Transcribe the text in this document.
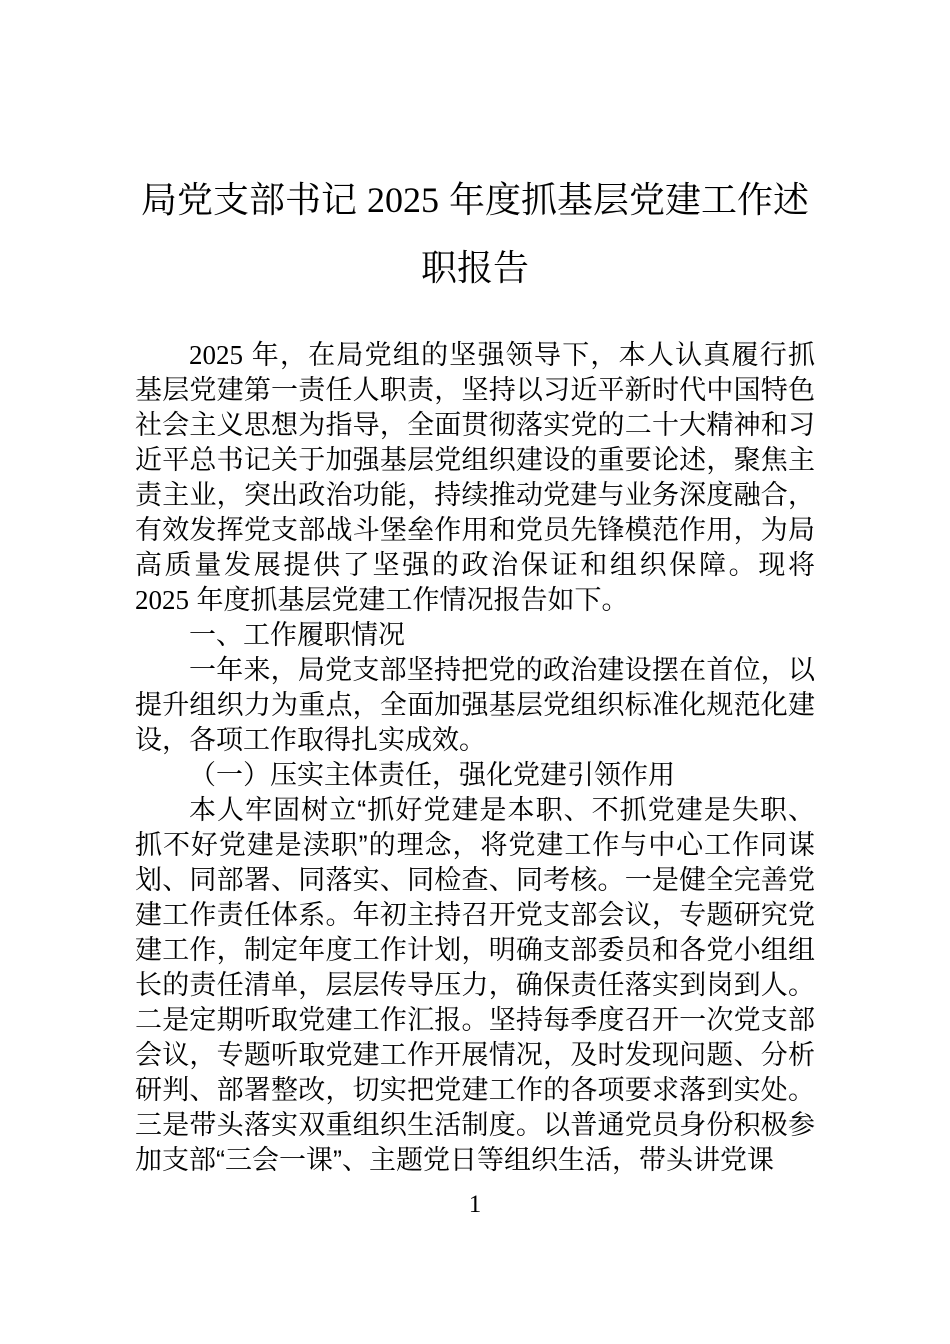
局党支部书记 2025 年度抓基层党建工作述职报告

2025 年，在局党组的坚强领导下，本人认真履行抓基层党建第一责任人职责，坚持以习近平新时代中国特色社会主义思想为指导，全面贯彻落实党的二十大精神和习近平总书记关于加强基层党组织建设的重要论述，聚焦主责主业，突出政治功能，持续推动党建与业务深度融合，有效发挥党支部战斗堡垒作用和党员先锋模范作用，为局高质量发展提供了坚强的政治保证和组织保障。现将 2025 年度抓基层党建工作情况报告如下。

一、工作履职情况

一年来，局党支部坚持把党的政治建设摆在首位，以提升组织力为重点，全面加强基层党组织标准化规范化建设，各项工作取得扎实成效。

（一）压实主体责任，强化党建引领作用

本人牢固树立“抓好党建是本职、不抓党建是失职、抓不好党建是渎职”的理念，将党建工作与中心工作同谋划、同部署、同落实、同检查、同考核。一是健全完善党建工作责任体系。年初主持召开党支部会议，专题研究党建工作，制定年度工作计划，明确支部委员和各党小组组长的责任清单，层层传导压力，确保责任落实到岗到人。二是定期听取党建工作汇报。坚持每季度召开一次党支部会议，专题听取党建工作开展情况，及时发现问题、分析研判、部署整改，切实把党建工作的各项要求落到实处。三是带头落实双重组织生活制度。以普通党员身份积极参加支部“三会一课”、主题党日等组织生活，带头讲党课

1
